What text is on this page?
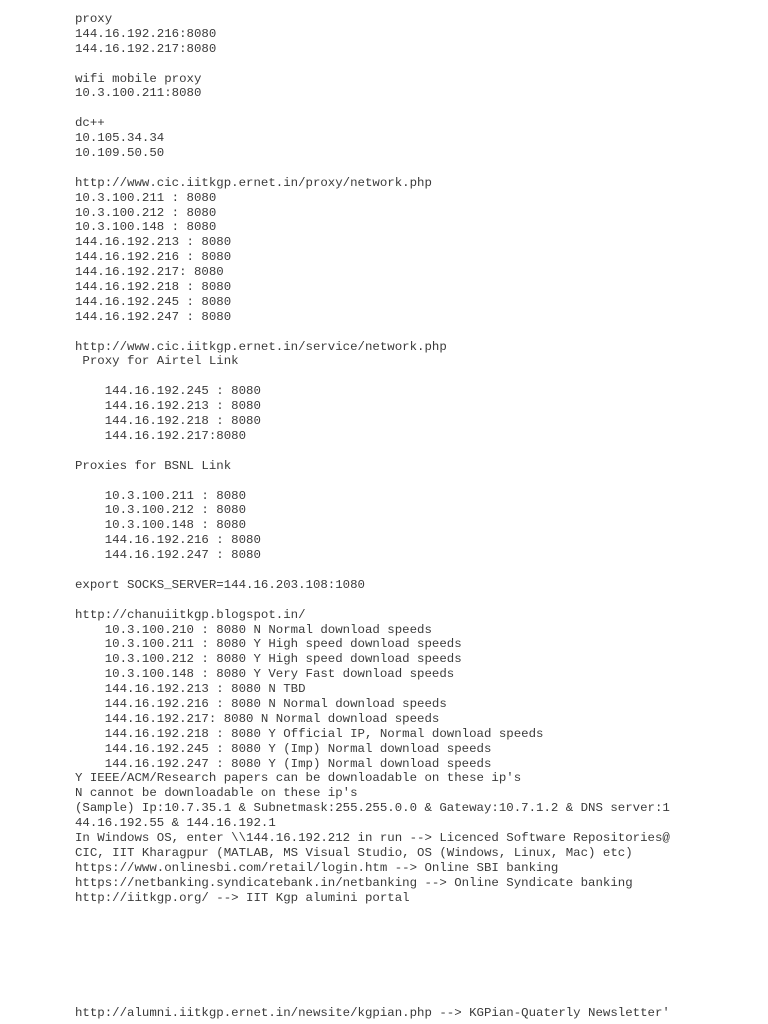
proxy
144.16.192.216:8080
144.16.192.217:8080
wifi mobile proxy
10.3.100.211:8080
dc++
10.105.34.34
10.109.50.50
http://www.cic.iitkgp.ernet.in/proxy/network.php
10.3.100.211 : 8080
10.3.100.212 : 8080
10.3.100.148 : 8080
144.16.192.213 : 8080
144.16.192.216 : 8080
144.16.192.217: 8080
144.16.192.218 : 8080
144.16.192.245 : 8080
144.16.192.247 : 8080
http://www.cic.iitkgp.ernet.in/service/network.php
Proxy for Airtel Link
144.16.192.245 : 8080
144.16.192.213 : 8080
144.16.192.218 : 8080
144.16.192.217:8080
Proxies for BSNL Link
10.3.100.211 : 8080
10.3.100.212 : 8080
10.3.100.148 : 8080
144.16.192.216 : 8080
144.16.192.247 : 8080
export SOCKS_SERVER=144.16.203.108:1080
http://chanuiitkgp.blogspot.in/
10.3.100.210 : 8080 N Normal download speeds
10.3.100.211 : 8080 Y High speed download speeds
10.3.100.212 : 8080 Y High speed download speeds
10.3.100.148 : 8080 Y Very Fast download speeds
144.16.192.213 : 8080 N TBD
144.16.192.216 : 8080 N Normal download speeds
144.16.192.217: 8080 N Normal download speeds
144.16.192.218 : 8080 Y Official IP, Normal download speeds
144.16.192.245 : 8080 Y (Imp) Normal download speeds
144.16.192.247 : 8080 Y (Imp) Normal download speeds
Y IEEE/ACM/Research papers can be downloadable on these ip's
N cannot be downloadable on these ip's
(Sample) Ip:10.7.35.1 & Subnetmask:255.255.0.0 & Gateway:10.7.1.2 & DNS server:1
44.16.192.55 & 144.16.192.1
In Windows OS, enter \\144.16.192.212 in run --> Licenced Software Repositories@
CIC, IIT Kharagpur (MATLAB, MS Visual Studio, OS (Windows, Linux, Mac) etc)
https://www.onlinesbi.com/retail/login.htm --> Online SBI banking
https://netbanking.syndicatebank.in/netbanking --> Online Syndicate banking
http://iitkgp.org/ --> IIT Kgp alumini portal
http://alumni.iitkgp.ernet.in/newsite/kgpian.php --> KGPian-Quaterly Newsletter'
